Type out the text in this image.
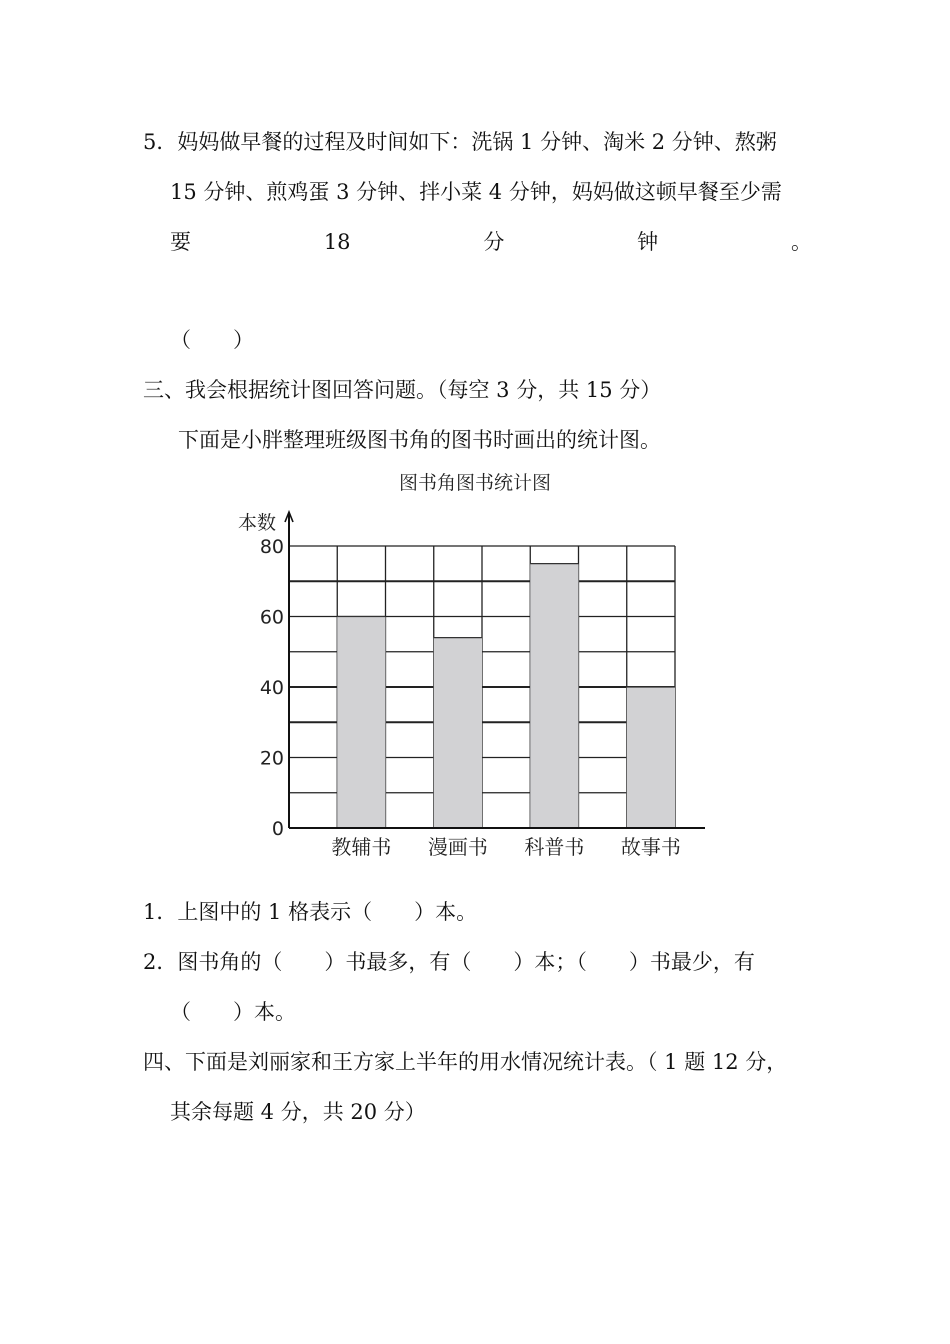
5．妈妈做早餐的过程及时间如下：洗锅 1 分钟、淘米 2 分钟、熬粥
15 分钟、煎鸡蛋 3 分钟、拌小菜 4 分钟，妈妈做这顿早餐至少需
要	18	分	钟	。
（　　）
三、我会根据统计图回答问题。（每空 3 分，共 15 分）
下面是小胖整理班级图书角的图书时画出的统计图。
图书角图书统计图
0
20
40
60
80
本数
教辅书 漫画书 科普书 故事书
1．上图中的 1 格表示（　　）本。
2．图书角的（　　）书最多，有（　　）本；（　　）书最少，有
（　　）本。
四、下面是刘丽家和王方家上半年的用水情况统计表。（ 1 题 12 分，
其余每题 4 分，共 20 分）
